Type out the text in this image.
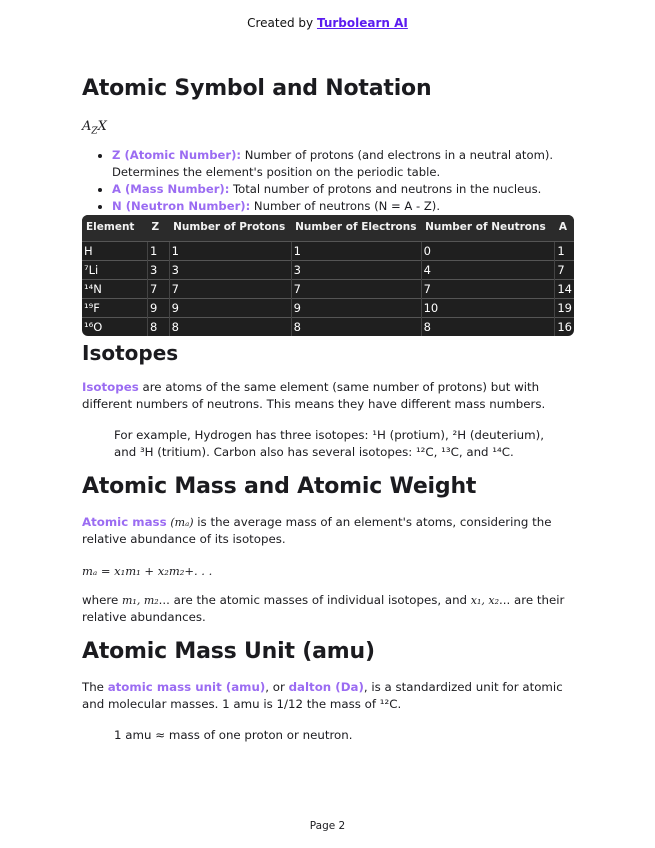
Created by Turbolearn AI
Atomic Symbol and Notation
$A_ZX$
• Z (Atomic Number): Number of protons (and electrons in a neutral atom). Determines the element's position on the periodic table.
• A (Mass Number): Total number of protons and neutrons in the nucleus.
• N (Neutron Number): Number of neutrons (N = A - Z).
Element	Z	Number of Protons	Number of Electrons	Number of Neutrons	A
H	1	1	1	0	1
⁷Li	3	3	3	4	7
¹⁴N	7	7	7	7	14
¹⁹F	9	9	9	10	19
¹⁶O	8	8	8	8	16
Isotopes

Isotopes are atoms of the same element (same number of protons) but with different numbers of neutrons. This means they have different mass numbers.

For example, Hydrogen has three isotopes: ¹H (protium), ²H (deuterium), and ³H (tritium). Carbon also has several isotopes: ¹²C, ¹³C, and ¹⁴C.

Atomic Mass and Atomic Weight

Atomic mass (mₐ) is the average mass of an element's atoms, considering the relative abundance of its isotopes.

mₐ = x₁m₁ + x₂m₂+. . .

where m₁, m₂... are the atomic masses of individual isotopes, and x₁, x₂... are their relative abundances.

Atomic Mass Unit (amu)

The atomic mass unit (amu), or dalton (Da), is a standardized unit for atomic and molecular masses. 1 amu is 1/12 the mass of ¹²C.

1 amu ≈ mass of one proton or neutron.

Page 2
